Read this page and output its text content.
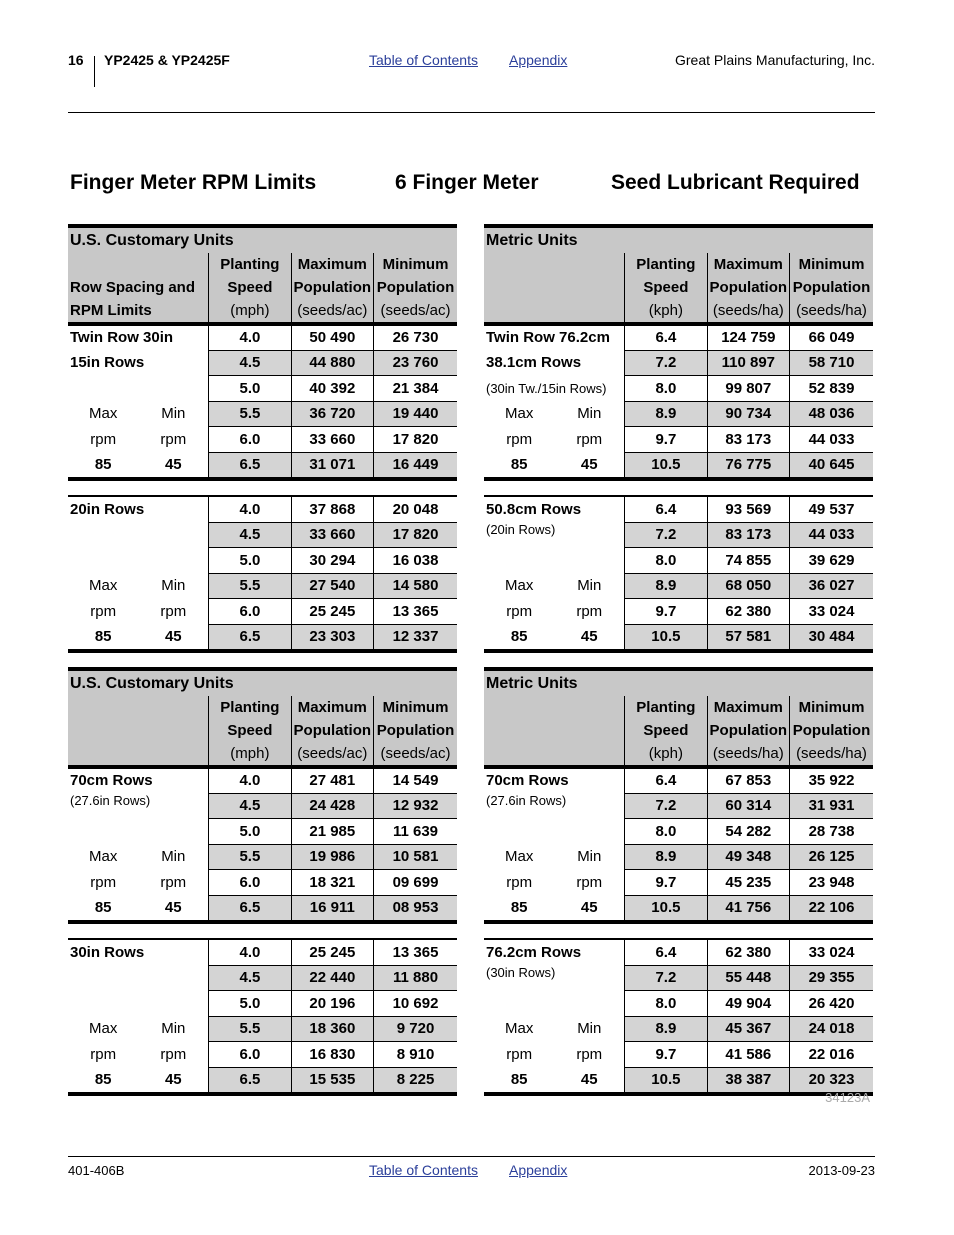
16 YP2425 & YP2425F	Table of Contents Appendix	Great Plains Manufacturing, Inc.
Finger Meter RPM Limits	6 Finger Meter	Seed Lubricant Required
U.S. Customary Units			
	Planting	Maximum	Minimum
Row Spacing and	Speed	Population	Population
RPM Limits	(mph)	(seeds/ac)	(seeds/ac)
Metric Units			
	Planting	Maximum	Minimum
	Speed	Population	Population
	(kph)	(seeds/ha)	(seeds/ha)
Twin Row 30in		4.0	50 490	26 730
15in Rows		4.5	44 880	23 760
		5.0	40 392	21 384
Max	Min	5.5	36 720	19 440
rpm	rpm	6.0	33 660	17 820
85	45	6.5	31 071	16 449
Twin Row 76.2cm		6.4	124 759	66 049
38.1cm Rows		7.2	110 897	58 710
(30in Tw./15in Rows)		8.0	99 807	52 839
Max	Min	8.9	90 734	48 036
rpm	rpm	9.7	83 173	44 033
85	45	10.5	76 775	40 645
20in Rows		4.0	37 868	20 048
		4.5	33 660	17 820
		5.0	30 294	16 038
Max	Min	5.5	27 540	14 580
rpm	rpm	6.0	25 245	13 365
85	45	6.5	23 303	12 337
50.8cm Rows		6.4	93 569	49 537
(20in Rows)		7.2	83 173	44 033
		8.0	74 855	39 629
Max	Min	8.9	68 050	36 027
rpm	rpm	9.7	62 380	33 024
85	45	10.5	57 581	30 484
U.S. Customary Units			
	Planting	Maximum	Minimum
	Speed	Population	Population
	(mph)	(seeds/ac)	(seeds/ac)
Metric Units			
	Planting	Maximum	Minimum
	Speed	Population	Population
	(kph)	(seeds/ha)	(seeds/ha)
70cm Rows		4.0	27 481	14 549
(27.6in Rows)		4.5	24 428	12 932
		5.0	21 985	11 639
Max	Min	5.5	19 986	10 581
rpm	rpm	6.0	18 321	09 699
85	45	6.5	16 911	08 953
70cm Rows		6.4	67 853	35 922
(27.6in Rows)		7.2	60 314	31 931
		8.0	54 282	28 738
Max	Min	8.9	49 348	26 125
rpm	rpm	9.7	45 235	23 948
85	45	10.5	41 756	22 106
30in Rows		4.0	25 245	13 365
		4.5	22 440	11 880
		5.0	20 196	10 692
Max	Min	5.5	18 360	9 720
rpm	rpm	6.0	16 830	8 910
85	45	6.5	15 535	8 225
76.2cm Rows		6.4	62 380	33 024
(30in Rows)		7.2	55 448	29 355
		8.0	49 904	26 420
Max	Min	8.9	45 367	24 018
rpm	rpm	9.7	41 586	22 016
85	45	10.5	38 387	20 323
34123A
401-406B	Table of Contents Appendix	2013-09-23
